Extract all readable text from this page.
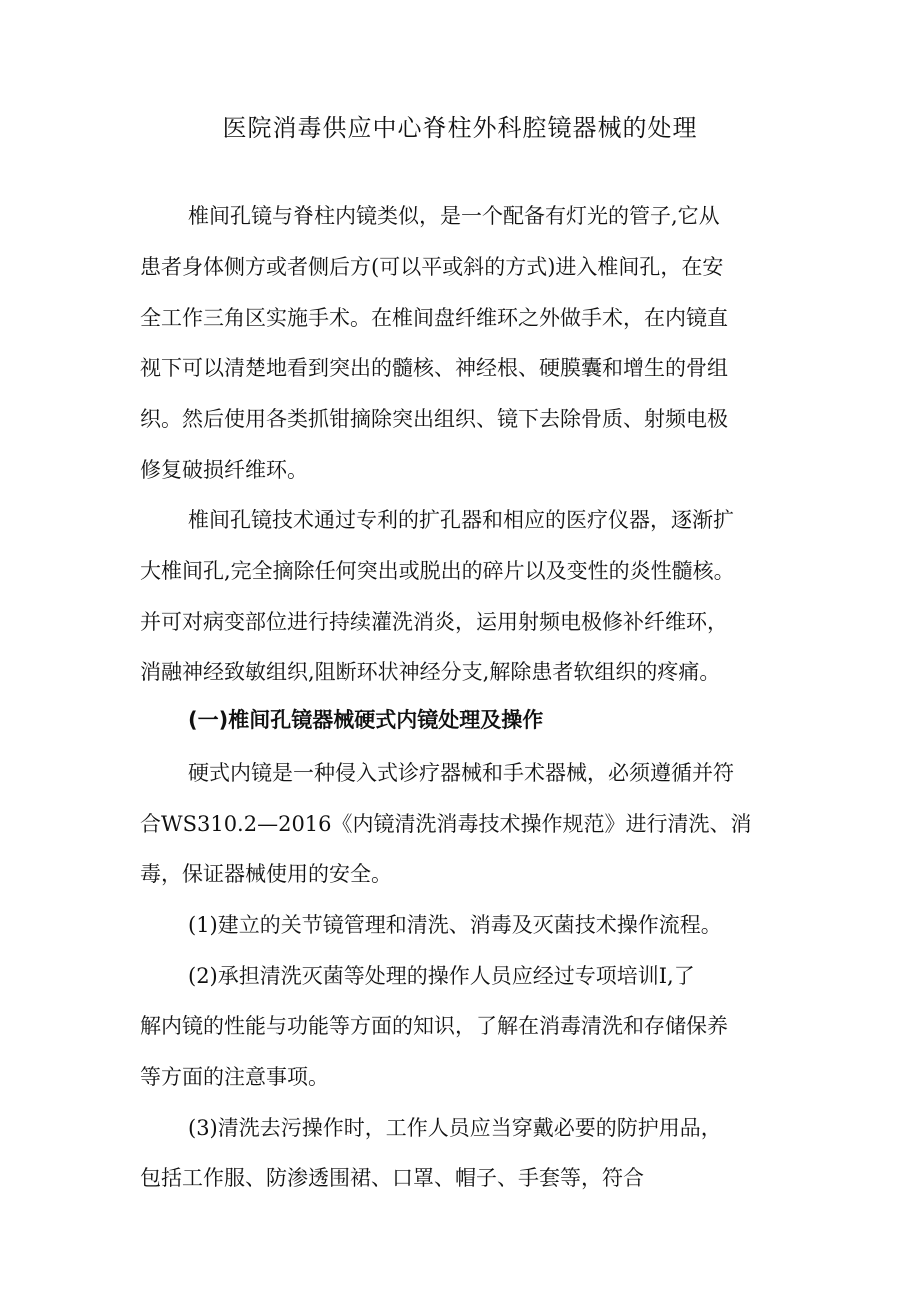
医院消毒供应中心脊柱外科腔镜器械的处理
椎间孔镜与脊柱内镜类似，是一个配备有灯光的管子,它从
患者身体侧方或者侧后方(可以平或斜的方式)进入椎间孔，在安
全工作三角区实施手术。在椎间盘纤维环之外做手术，在内镜直
视下可以清楚地看到突出的髓核、神经根、硬膜囊和增生的骨组
织。然后使用各类抓钳摘除突出组织、镜下去除骨质、射频电极
修复破损纤维环。
椎间孔镜技术通过专利的扩孔器和相应的医疗仪器，逐渐扩
大椎间孔,完全摘除任何突出或脱出的碎片以及变性的炎性髓核。
并可对病变部位进行持续灌洗消炎，运用射频电极修补纤维环，
消融神经致敏组织,阻断环状神经分支,解除患者软组织的疼痛。
(一)椎间孔镜器械硬式内镜处理及操作
硬式内镜是一种侵入式诊疗器械和手术器械，必须遵循并符
合WS310.2—2016《内镜清洗消毒技术操作规范》进行清洗、消
毒，保证器械使用的安全。
(1)建立的关节镜管理和清洗、消毒及灭菌技术操作流程。
(2)承担清洗灭菌等处理的操作人员应经过专项培训I,了
解内镜的性能与功能等方面的知识，了解在消毒清洗和存储保养
等方面的注意事项。
(3)清洗去污操作时，工作人员应当穿戴必要的防护用品，
包括工作服、防渗透围裙、口罩、帽子、手套等，符合
